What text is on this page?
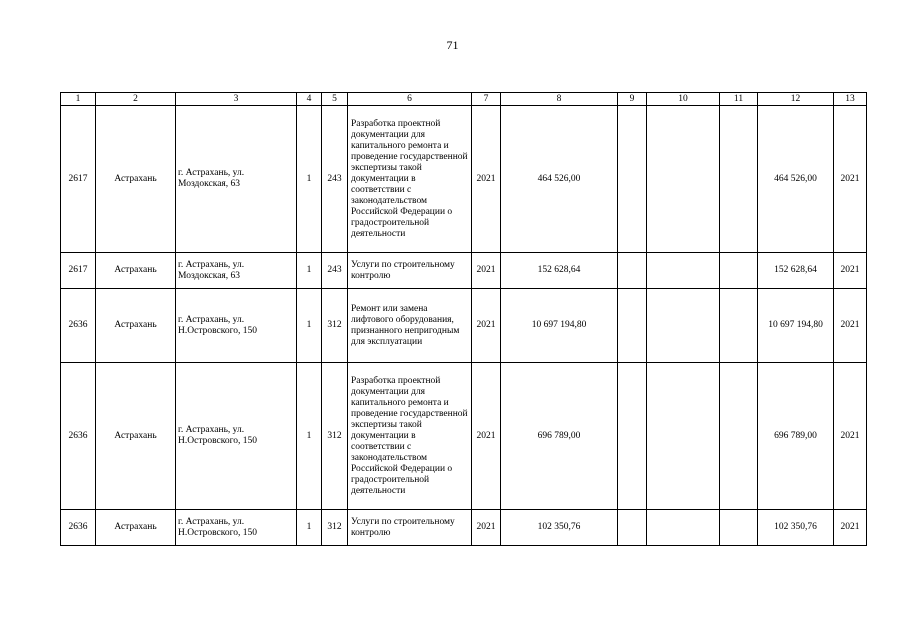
71
1	2	3	4	5	6	7	8	9	10	11	12	13
2617	Астрахань	г. Астрахань, ул. Моздокская, 63	1	243	Разработка проектной документации для капитального ремонта и проведение государственной экспертизы такой документации в соответствии с законодательством Российской Федерации о градостроительной деятельности	2021	464 526,00				464 526,00	2021
2617	Астрахань	г. Астрахань, ул. Моздокская, 63	1	243	Услуги по строительному контролю	2021	152 628,64				152 628,64	2021
2636	Астрахань	г. Астрахань, ул. Н.Островского, 150	1	312	Ремонт или замена лифтового оборудования, признанного непригодным для эксплуатации	2021	10 697 194,80				10 697 194,80	2021
2636	Астрахань	г. Астрахань, ул. Н.Островского, 150	1	312	Разработка проектной документации для капитального ремонта и проведение государственной экспертизы такой документации в соответствии с законодательством Российской Федерации о градостроительной деятельности	2021	696 789,00				696 789,00	2021
2636	Астрахань	г. Астрахань, ул. Н.Островского, 150	1	312	Услуги по строительному контролю	2021	102 350,76				102 350,76	2021
